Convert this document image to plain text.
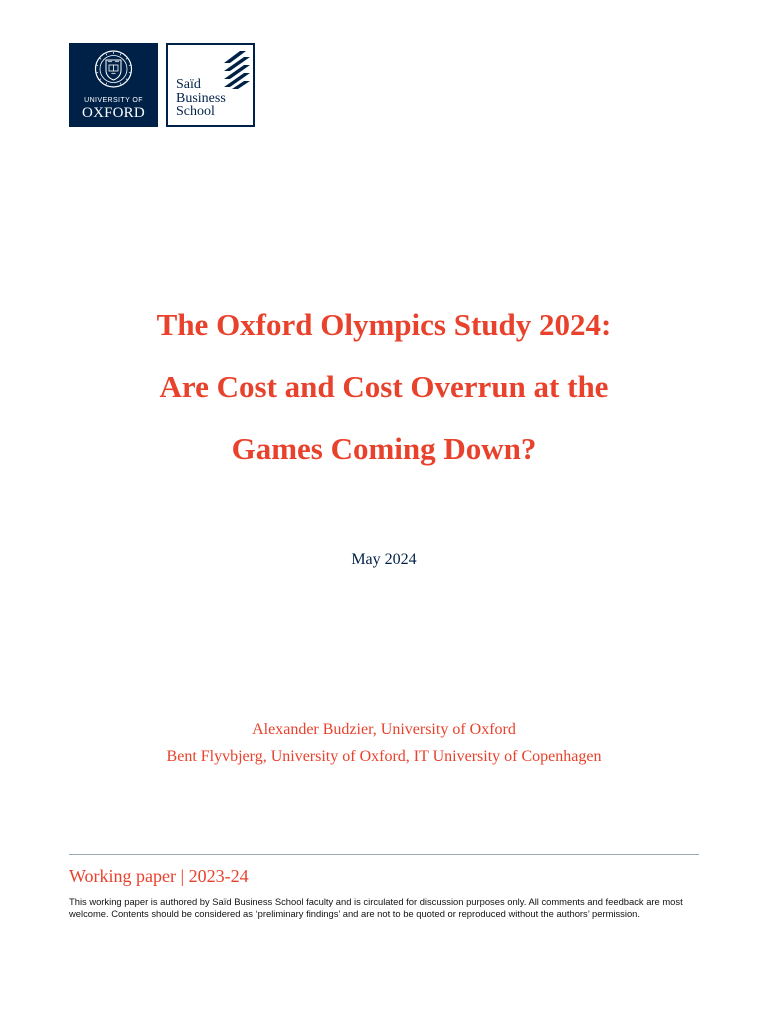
UNIVERSITY OF
OXFORD
Saïd
Business
School
The Oxford Olympics Study 2024:
Are Cost and Cost Overrun at the
Games Coming Down?
May 2024
Alexander Budzier, University of Oxford
Bent Flyvbjerg, University of Oxford, IT University of Copenhagen
Working paper | 2023-24
This working paper is authored by Saïd Business School faculty and is circulated for discussion purposes only. All comments and feedback are most welcome. Contents should be considered as ‘preliminary findings’ and are not to be quoted or reproduced without the authors’ permission.
